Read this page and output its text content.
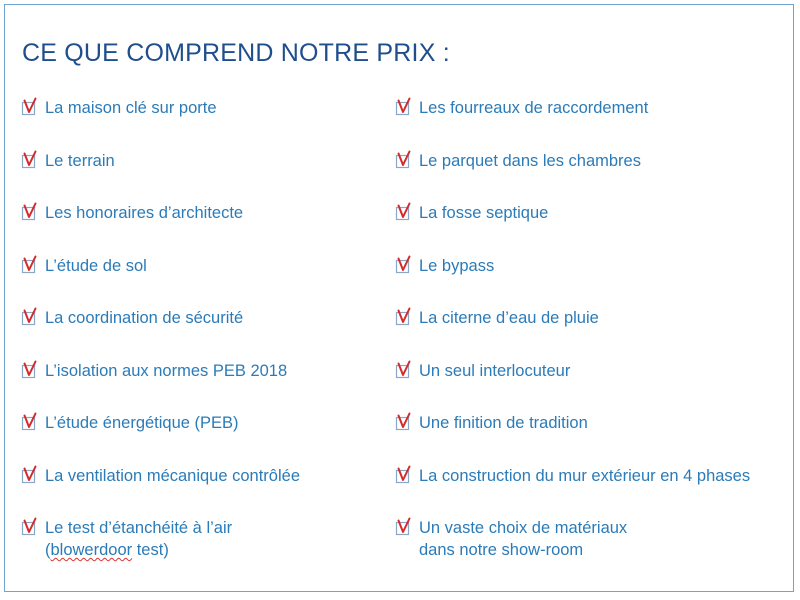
CE QUE COMPREND NOTRE PRIX :
La maison clé sur porte
Le terrain
Les honoraires d’architecte
L’étude de sol
La coordination de sécurité
L’isolation aux normes PEB 2018
L’étude énergétique (PEB)
La ventilation mécanique contrôlée
Le test d’étanchéité à l’air
(blowerdoor test)
Les fourreaux de raccordement
Le parquet dans les chambres
La fosse septique
Le bypass
La citerne d’eau de pluie
Un seul interlocuteur
Une finition de tradition
La construction du mur extérieur en 4 phases
Un vaste choix de matériaux
dans notre show-room
